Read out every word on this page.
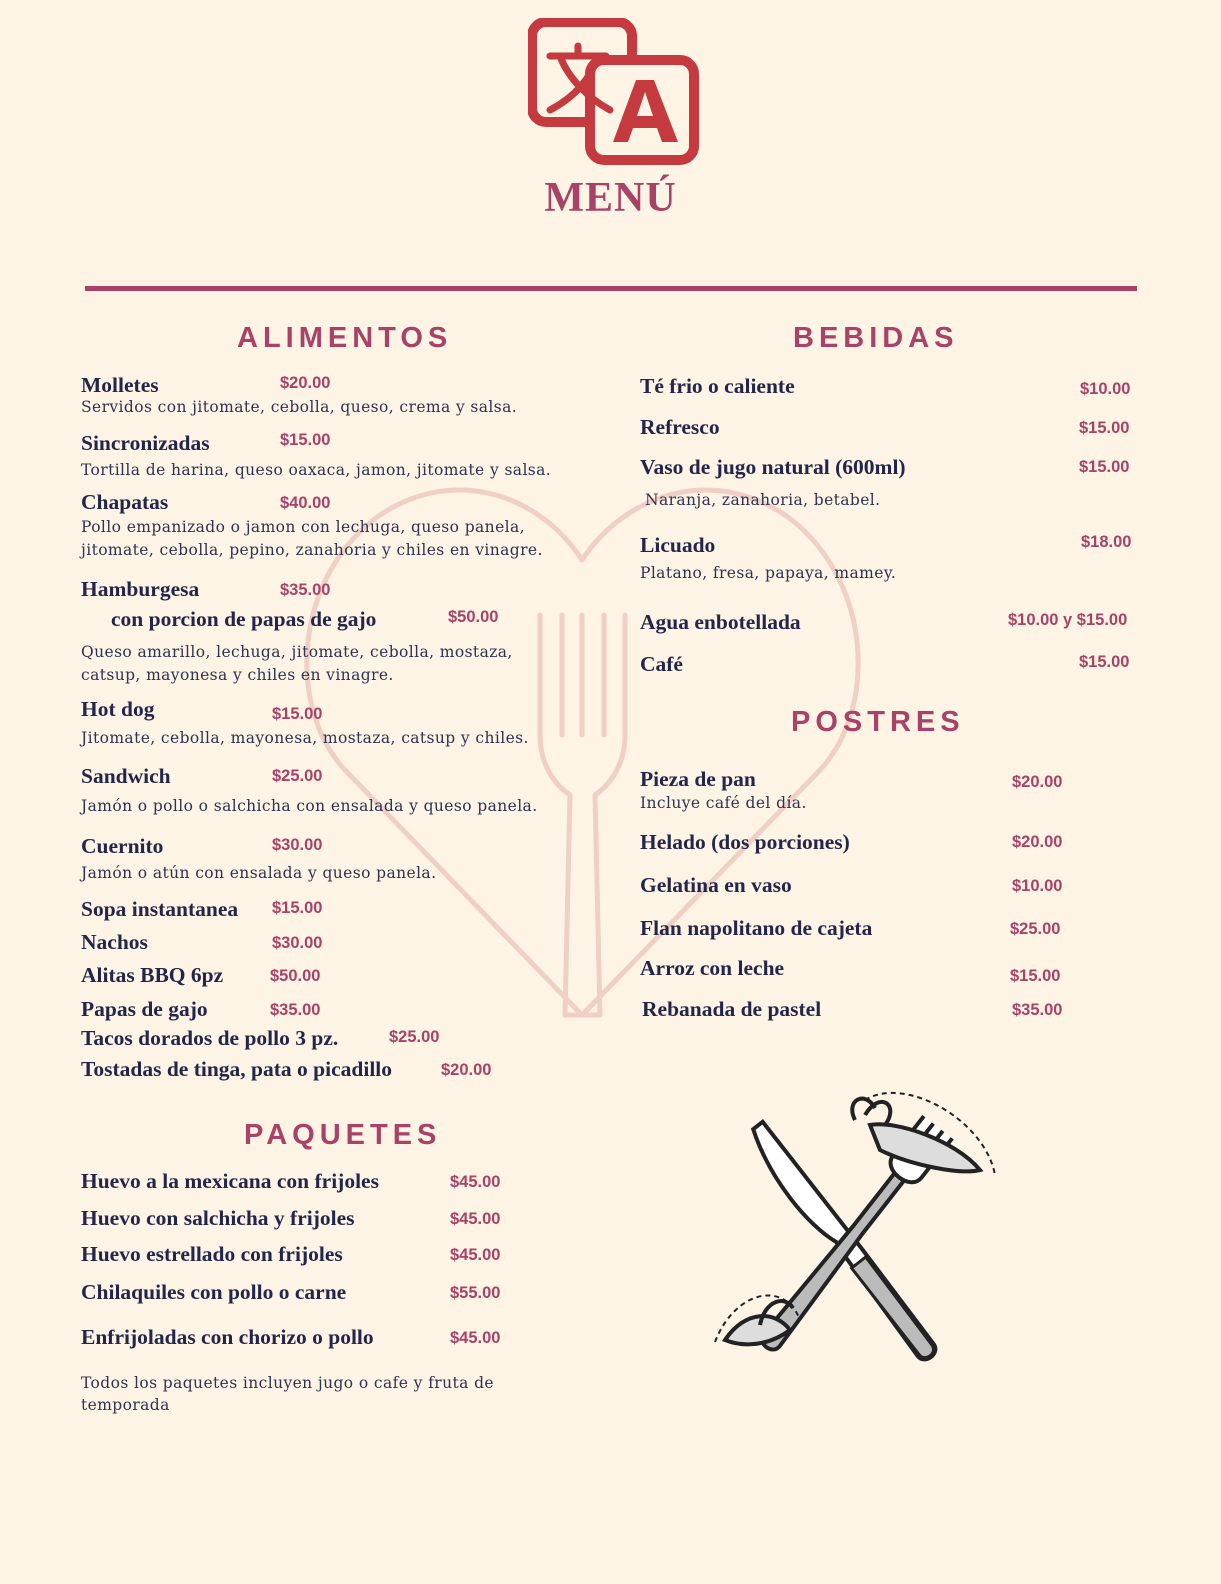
MENÚ
ALIMENTOS
Molletes	$20.00
Servidos con jitomate, cebolla, queso, crema y salsa.
Sincronizadas	$15.00
Tortilla de harina, queso oaxaca, jamon, jitomate y salsa.
Chapatas	$40.00
Pollo empanizado o jamon con lechuga, queso panela,
jitomate, cebolla, pepino, zanahoria y chiles en vinagre.
Hamburgesa	$35.00
con porcion de papas de gajo	$50.00
Queso amarillo, lechuga, jitomate, cebolla, mostaza,
catsup, mayonesa y chiles en vinagre.
Hot dog	$15.00
Jitomate, cebolla, mayonesa, mostaza, catsup y chiles.
Sandwich	$25.00
Jamón o pollo o salchicha con ensalada y queso panela.
Cuernito	$30.00
Jamón o atún con ensalada y queso panela.
Sopa instantanea $15.00
Nachos	$30.00
Alitas BBQ 6pz	$50.00
Papas de gajo	$35.00
Tacos dorados de pollo 3 pz.	$25.00
Tostadas de tinga, pata o picadillo	$20.00
PAQUETES
Huevo a la mexicana con frijoles	$45.00
Huevo con salchicha y frijoles	$45.00
Huevo estrellado con frijoles	$45.00
Chilaquiles con pollo o carne	$55.00
Enfrijoladas con chorizo o pollo	$45.00
Todos los paquetes incluyen jugo o cafe y fruta de
temporada
BEBIDAS
Té frio o caliente	$10.00
Refresco	$15.00
Vaso de jugo natural (600ml)	$15.00
Naranja, zanahoria, betabel.
Licuado	$18.00
Platano, fresa, papaya, mamey.
Agua enbotellada	$10.00 y $15.00
Café	$15.00
POSTRES
Pieza de pan	$20.00
Incluye café del día.
Helado (dos porciones)	$20.00
Gelatina en vaso	$10.00
Flan napolitano de cajeta	$25.00
Arroz con leche	$15.00
Rebanada de pastel	$35.00
